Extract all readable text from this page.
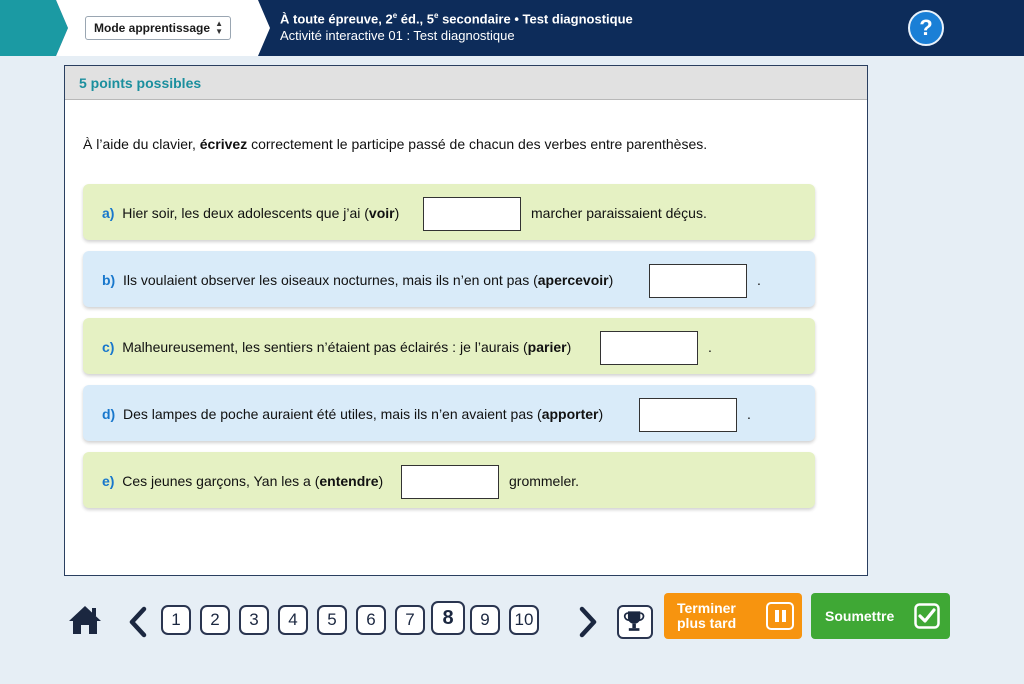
Mode apprentissage ▲
▼
À toute épreuve, 2e éd., 5e secondaire • Test diagnostique
Activité interactive 01 : Test diagnostique	?
5 points possibles
À l’aide du clavier, écrivez correctement le participe passé de chacun des verbes entre parenthèses.
a) Hier soir, les deux adolescents que j’ai (voir)	marcher paraissaient déçus.
b) Ils voulaient observer les oiseaux nocturnes, mais ils n’en ont pas (apercevoir)	.
c) Malheureusement, les sentiers n’étaient pas éclairés : je l’aurais (parier)	.
d) Des lampes de poche auraient été utiles, mais ils n’en avaient pas (apporter)	.
e) Ces jeunes garçons, Yan les a (entendre)	grommeler.
1	2	3	4	5	6	7	8	9	10
Terminer
plus tard	Soumettre
